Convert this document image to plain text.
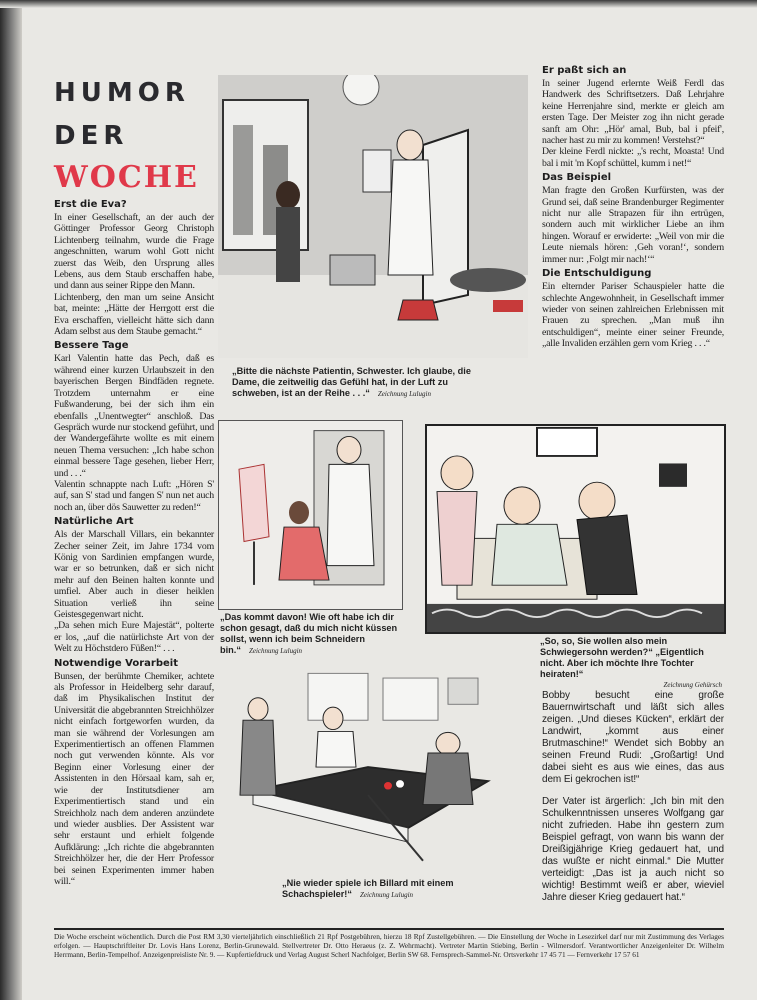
HUMOR
DER
WOCHE
Erst die Eva?

In einer Gesellschaft, an der auch der Göttinger Professor Georg Christoph Lichtenberg teilnahm, wurde die Frage angeschnitten, warum wohl Gott nicht zuerst das Weib, den Ursprung alles Lebens, aus dem Staub erschaffen habe, und dann aus seiner Rippe den Mann.

Lichtenberg, den man um seine Ansicht bat, meinte: „Hätte der Herrgott erst die Eva erschaffen, vielleicht hätte sich dann Adam selbst aus dem Staube gemacht.“

Bessere Tage

Karl Valentin hatte das Pech, daß es während einer kurzen Urlaubszeit in den bayerischen Bergen Bindfäden regnete. Trotzdem unternahm er eine Fußwanderung, bei der sich ihm ein ebenfalls „Unentwegter“ anschloß. Das Gespräch wurde nur stockend geführt, und der Wandergefährte wollte es mit einem neuen Thema versuchen: „Ich habe schon einmal bessere Tage gesehen, lieber Herr, und . . .“

Valentin schnappte nach Luft: „Hören S' auf, san S' stad und fangen S' nun net auch noch an, über dös Sauwetter zu reden!“

Natürliche Art

Als der Marschall Villars, ein bekannter Zecher seiner Zeit, im Jahre 1734 vom König von Sardinien empfangen wurde, war er so betrunken, daß er sich nicht mehr auf den Beinen halten konnte und umfiel. Aber auch in dieser heiklen Situation verließ ihn seine Geistesgegenwart nicht.

„Da sehen mich Eure Majestät“, polterte er los, „auf die natürlichste Art von der Welt zu Höchstdero Füßen!“ . . .

Notwendige Vorarbeit

Bunsen, der berühmte Chemiker, achtete als Professor in Heidelberg sehr darauf, daß im Physikalischen Institut der Universität die abgebrannten Streichhölzer nicht einfach fortgeworfen wurden, da man sie während der Vorlesungen am Experimentiertisch an offenen Flammen noch gut verwenden könnte. Als vor Beginn einer Vorlesung einer der Assistenten in den Hörsaal kam, sah er, wie der Institutsdiener am Experimentiertisch stand und ein Streichholz nach dem anderen anzündete und wieder ausblies. Der Assistent war sehr erstaunt und erhielt folgende Aufklärung: „Ich richte die abgebrannten Streichhölzer her, die der Herr Professor bei seinen Experimenten immer haben will.“

Er paßt sich an

In seiner Jugend erlernte Weiß Ferdl das Handwerk des Schriftsetzers. Daß Lehrjahre keine Herrenjahre sind, merkte er gleich am ersten Tage. Der Meister zog ihn nicht gerade sanft am Ohr: „Hör' amal, Bub, bal i pfeif', nacher hast zu mir zu kommen! Verstehst?“

Der kleine Ferdl nickte: „'s recht, Moasta! Und bal i mit 'm Kopf schüttel, kumm i net!“

Das Beispiel

Man fragte den Großen Kurfürsten, was der Grund sei, daß seine Brandenburger Regimenter nicht nur alle Strapazen für ihn ertrügen, sondern auch mit wirklicher Liebe an ihm hingen. Worauf er erwiderte: „Weil von mir die Leute niemals hören: ‚Geh voran!‘, sondern immer nur: ‚Folgt mir nach!‘“

Die Entschuldigung

Ein elternder Pariser Schauspieler hatte die schlechte Angewohnheit, in Gesellschaft immer wieder von seinen zahlreichen Erlebnissen mit Frauen zu sprechen. „Man muß ihn entschuldigen“, meinte einer seiner Freunde, „alle Invaliden erzählen gern vom Krieg . . .“

Bobby besucht eine große Bauernwirtschaft und läßt sich alles zeigen. „Und dieses Kücken“, erklärt der Landwirt, „kommt aus einer Brutmaschine!“ Wendet sich Bobby an seinen Freund Rudi: „Großartig! Und dabei sieht es aus wie eines, das aus dem Ei gekrochen ist!“

Der Vater ist ärgerlich: „Ich bin mit den Schulkenntnissen unseres Wolfgang gar nicht zufrieden. Habe ihn gestern zum Beispiel gefragt, von wann bis wann der Dreißigjährige Krieg gedauert hat, und das wußte er nicht einmal.“ Die Mutter verteidigt: „Das ist ja auch nicht so wichtig! Bestimmt weiß er aber, wieviel Jahre dieser Krieg gedauert hat.“

„Bitte die nächste Patientin, Schwester. Ich glaube, die Dame, die zeitweilig das Gefühl hat, in der Luft zu schweben, ist an der Reihe . . .“ Zeichnung Lulugin
„Das kommt davon! Wie oft habe ich dir schon gesagt, daß du mich nicht küssen sollst, wenn ich beim Schneidern bin.“ Zeichnung Lulugin
„So, so, Sie wollen also mein Schwiegersohn werden?“ „Eigentlich nicht. Aber ich möchte Ihre Tochter heiraten!“

Zeichnung Gehürsch
„Nie wieder spiele ich Billard mit einem Schachspieler!“ Zeichnung Lulugin
Die Woche erscheint wöchentlich. Durch die Post RM 3,30 vierteljährlich einschließlich 21 Rpf Postgebühren, hierzu 18 Rpf Zustellgebühren. — Die Einstellung der Woche in Lesezirkel darf nur mit Zustimmung des Verlages erfolgen. — Hauptschriftleiter Dr. Lovis Hans Lorenz, Berlin-Grunewald. Stellvertreter Dr. Otto Heraeus (z. Z. Wehrmacht). Vertreter Martin Stiebing, Berlin - Wilmersdorf. Verantwortlicher Anzeigenleiter Dr. Wilhelm Herrmann, Berlin-Tempelhof. Anzeigenpreisliste Nr. 9. — Kupfertiefdruck und Verlag August Scherl Nachfolger, Berlin SW 68. Fernsprech-Sammel-Nr. Ortsverkehr 17 45 71 — Fernverkehr 17 57 61
